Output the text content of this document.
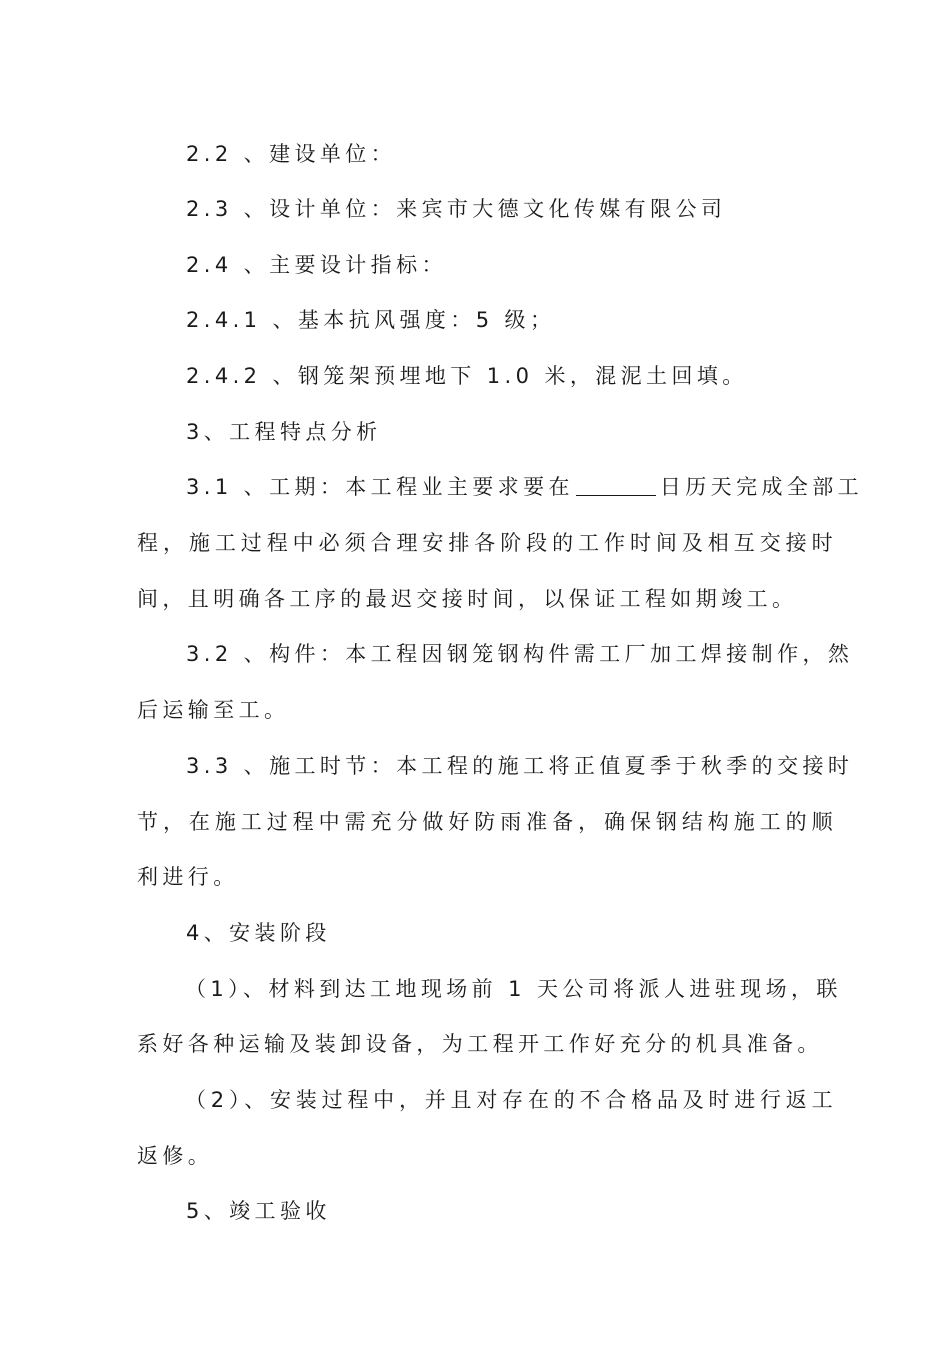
2.2 、建设单位：
2.3 、设计单位：来宾市大德文化传媒有限公司
2.4 、主要设计指标：
2.4.1 、基本抗风强度：5 级；
2.4.2 、钢笼架预埋地下 1.0 米，混泥土回填。
3、工程特点分析
3.1 、工期：本工程业主要求要在	日历天完成全部工
程，施工过程中必须合理安排各阶段的工作时间及相互交接时
间，且明确各工序的最迟交接时间，以保证工程如期竣工。
3.2 、构件：本工程因钢笼钢构件需工厂加工焊接制作，然
后运输至工。
3.3 、施工时节：本工程的施工将正值夏季于秋季的交接时
节，在施工过程中需充分做好防雨准备，确保钢结构施工的顺
利进行。
4、安装阶段
（1）、材料到达工地现场前 1 天公司将派人进驻现场，联
系好各种运输及装卸设备，为工程开工作好充分的机具准备。
（2）、安装过程中，并且对存在的不合格品及时进行返工
返修。
5、竣工验收
